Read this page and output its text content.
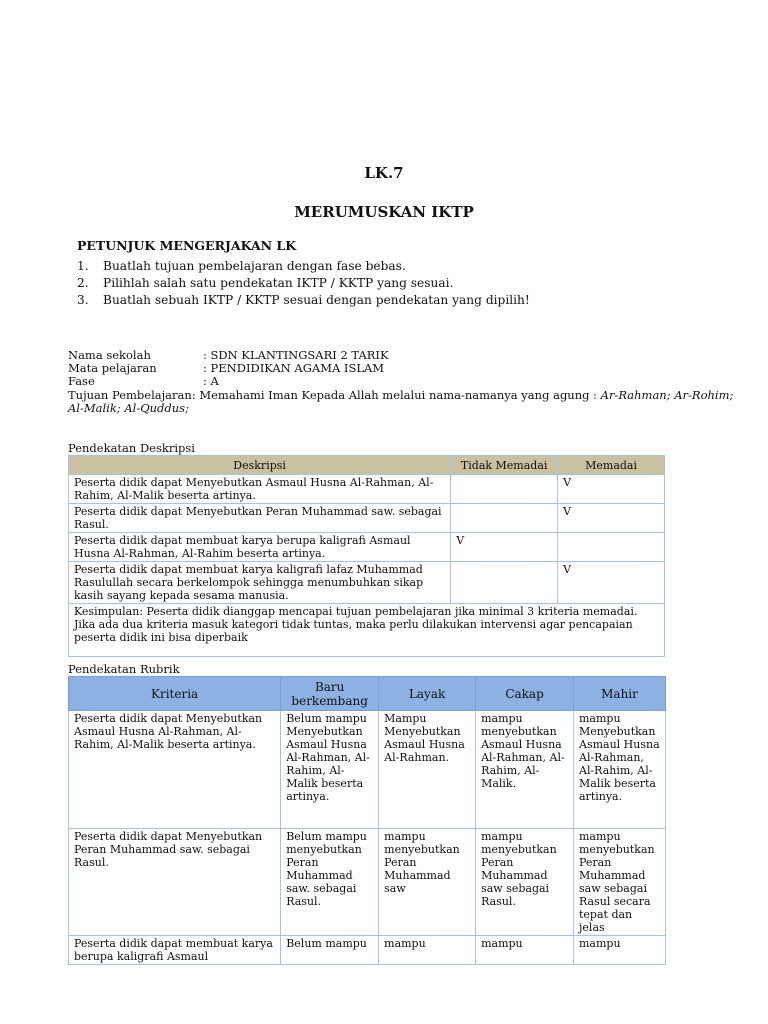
LK.7
MERUMUSKAN IKTP
PETUNJUK MENGERJAKAN LK
1.	Buatlah tujuan pembelajaran dengan fase bebas.
2.	Pilihlah salah satu pendekatan IKTP / KKTP yang sesuai.
3.	Buatlah sebuah IKTP / KKTP sesuai dengan pendekatan yang dipilih!
Nama sekolah	: SDN KLANTINGSARI 2 TARIK
Mata pelajaran	: PENDIDIKAN AGAMA ISLAM
Fase	: A
Tujuan Pembelajaran: Memahami Iman Kepada Allah melalui nama-namanya yang agung : Ar-Rahman; Ar-Rohim;
Al-Malik; Al-Quddus;
Pendekatan Deskripsi
Deskripsi	Tidak Memadai	Memadai
Peserta didik dapat Menyebutkan Asmaul Husna Al-Rahman, Al-Rahim, Al-Malik beserta artinya.		V
Peserta didik dapat Menyebutkan Peran Muhammad saw. sebagai Rasul.		V
Peserta didik dapat membuat karya berupa kaligrafi Asmaul Husna Al-Rahman, Al-Rahim beserta artinya.	V	
Peserta didik dapat membuat karya kaligrafi lafaz Muhammad Rasulullah secara berkelompok sehingga menumbuhkan sikap kasih sayang kepada sesama manusia.		V
Kesimpulan: Peserta didik dianggap mencapai tujuan pembelajaran jika minimal 3 kriteria memadai. Jika ada dua kriteria masuk kategori tidak tuntas, maka perlu dilakukan intervensi agar pencapaian peserta didik ini bisa diperbaik		
Pendekatan Rubrik
Kriteria	Baru berkembang	Layak	Cakap	Mahir
Peserta didik dapat Menyebutkan Asmaul Husna Al-Rahman, Al-Rahim, Al-Malik beserta artinya.	Belum mampu Menyebutkan Asmaul Husna Al-Rahman, Al-Rahim, Al-Malik beserta artinya.	Mampu Menyebutkan Asmaul Husna Al-Rahman.	mampu menyebutkan Asmaul Husna Al-Rahman, Al-Rahim, Al-Malik.	mampu Menyebutkan Asmaul Husna Al-Rahman, Al-Rahim, Al-Malik beserta artinya.
Peserta didik dapat Menyebutkan Peran Muhammad saw. sebagai Rasul.	Belum mampu menyebutkan Peran Muhammad saw. sebagai Rasul.	mampu menyebutkan Peran Muhammad saw	mampu menyebutkan Peran Muhammad saw sebagai Rasul.	mampu menyebutkan Peran Muhammad saw sebagai Rasul secara tepat dan jelas
Peserta didik dapat membuat karya berupa kaligrafi Asmaul	Belum mampu	mampu	mampu	mampu
